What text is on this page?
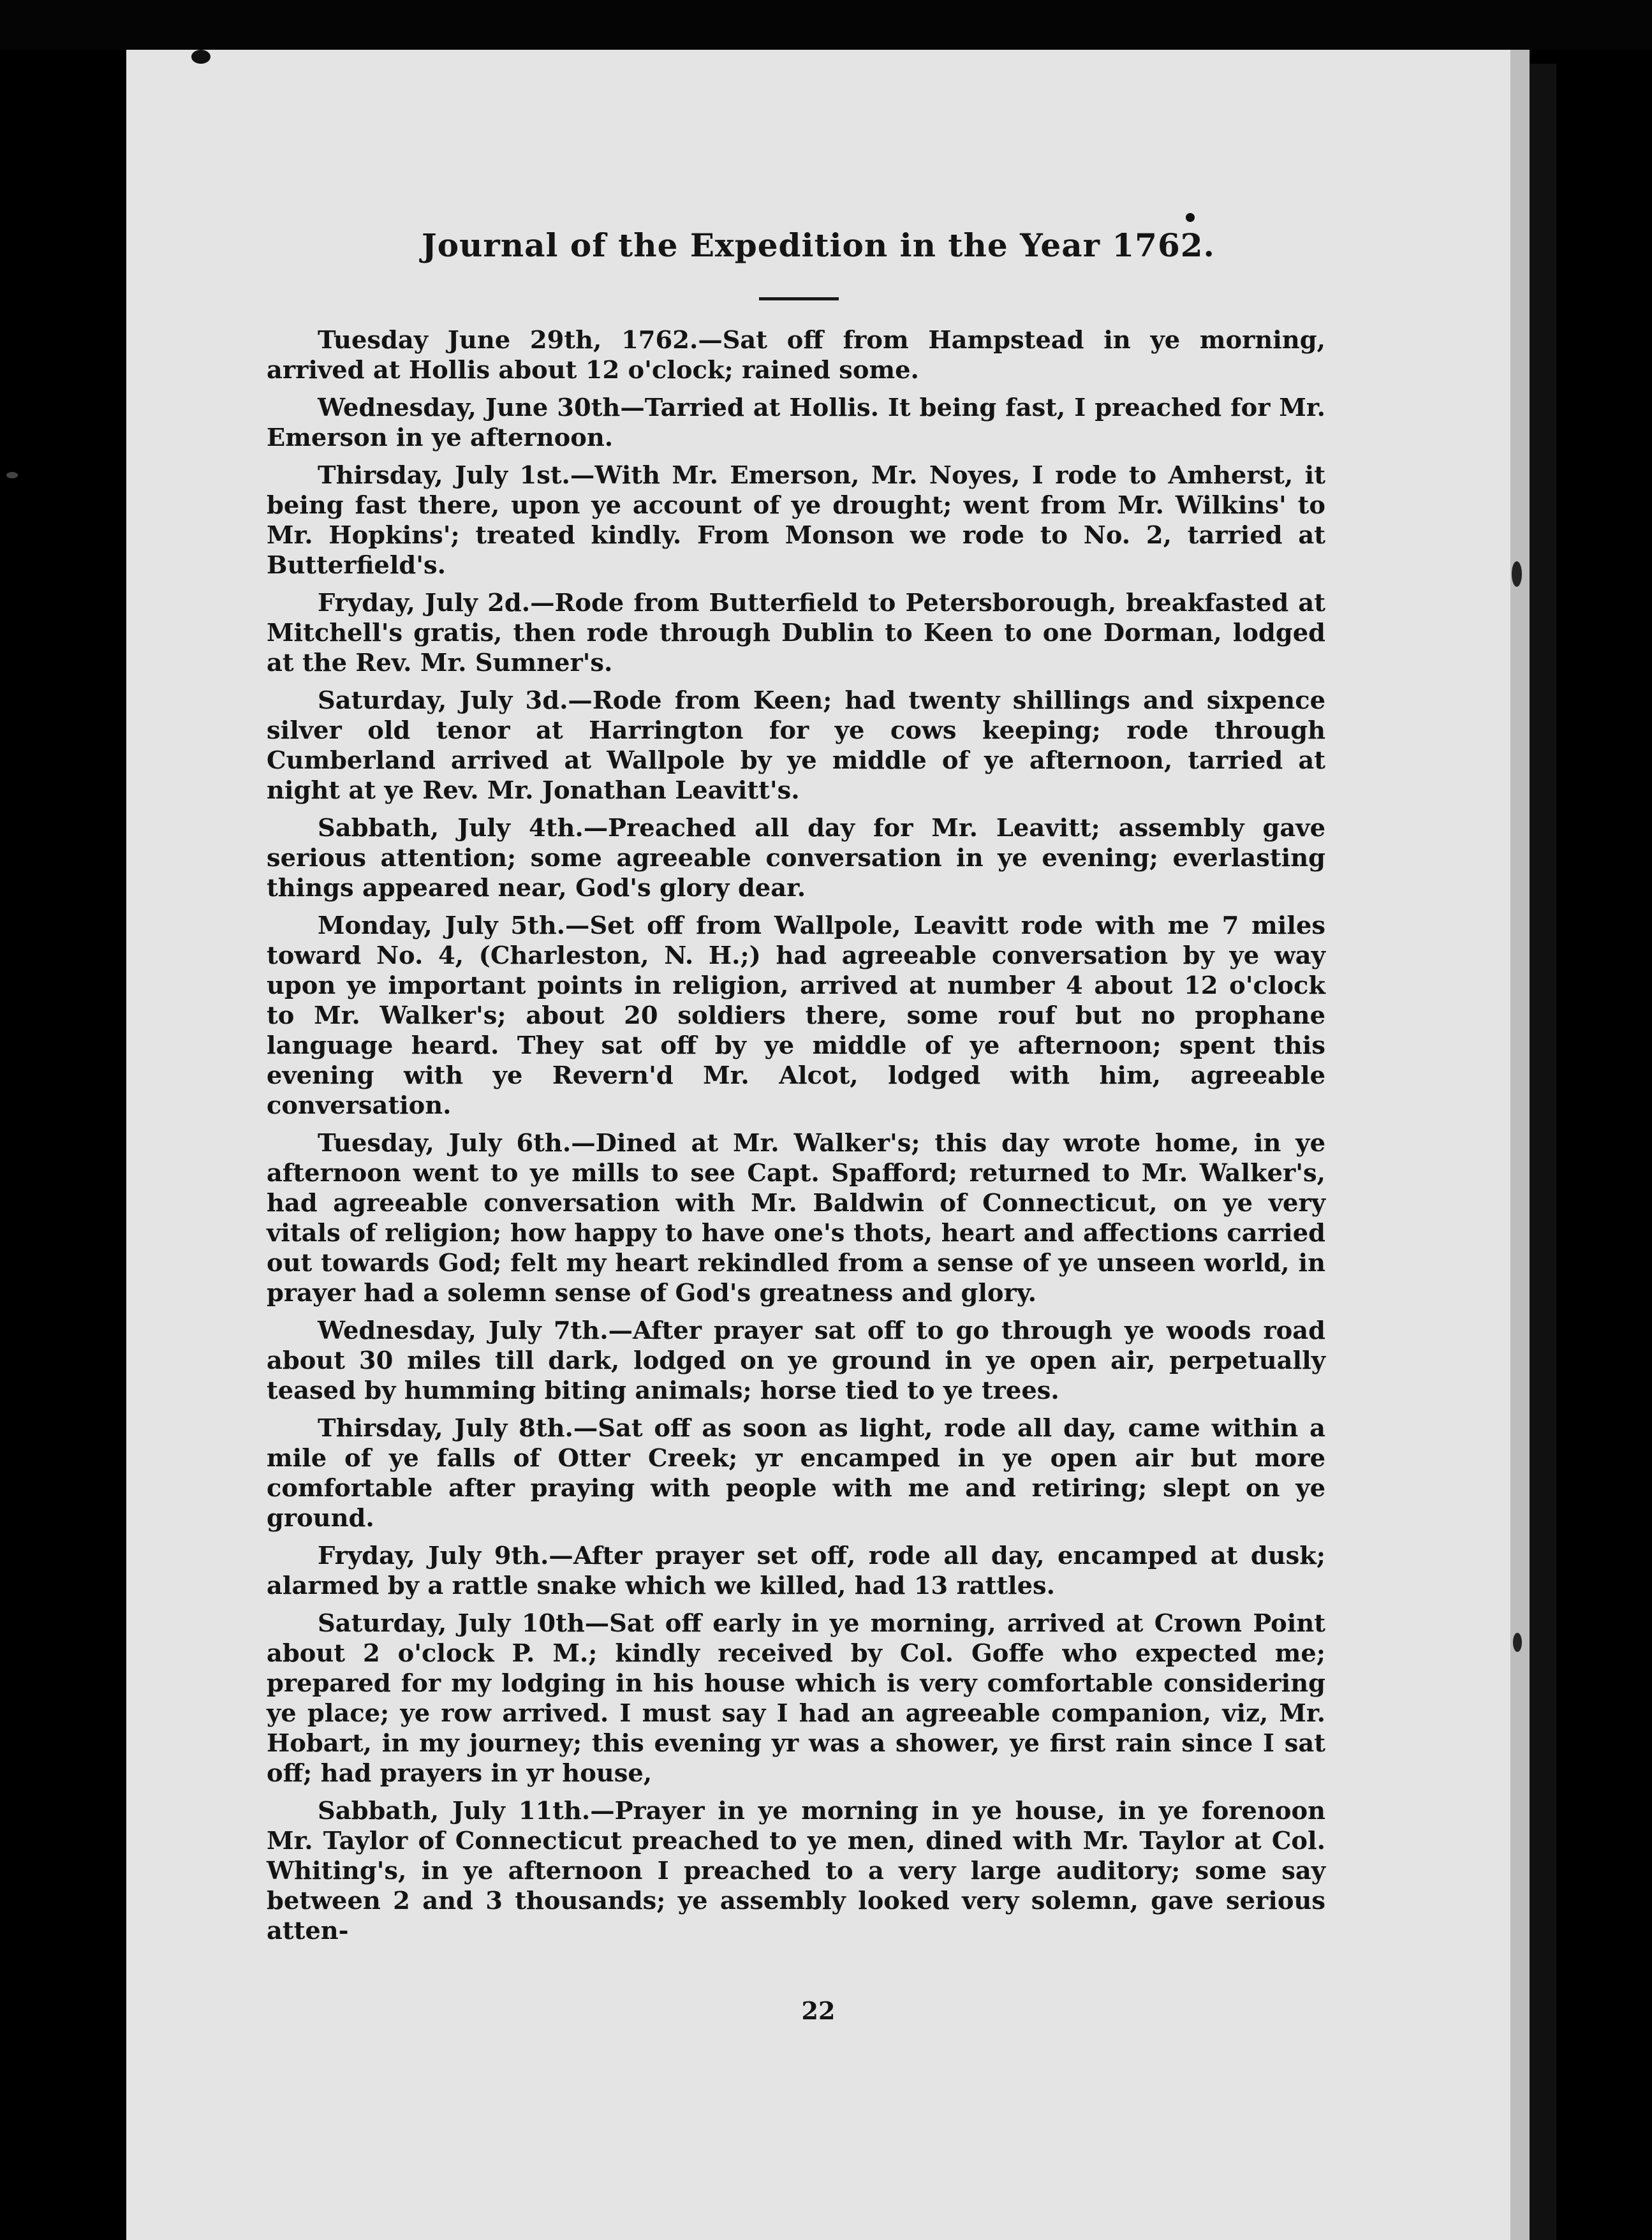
Journal of the Expedition in the Year 1762.

Tuesday June 29th, 1762.—Sat off from Hampstead in ye morning, arrived at Hollis about 12 o'clock; rained some.

Wednesday, June 30th—Tarried at Hollis. It being fast, I preached for Mr. Emerson in ye afternoon.

Thirsday, July 1st.—With Mr. Emerson, Mr. Noyes, I rode to Amherst, it being fast there, upon ye account of ye drought; went from Mr. Wilkins' to Mr. Hopkins'; treated kindly. From Monson we rode to No. 2, tarried at Butterfield's.

Fryday, July 2d.—Rode from Butterfield to Petersborough, breakfasted at Mitchell's gratis, then rode through Dublin to Keen to one Dorman, lodged at the Rev. Mr. Sumner's.

Saturday, July 3d.—Rode from Keen; had twenty shillings and sixpence silver old tenor at Harrington for ye cows keeping; rode through Cumberland arrived at Wallpole by ye middle of ye afternoon, tarried at night at ye Rev. Mr. Jonathan Leavitt's.

Sabbath, July 4th.—Preached all day for Mr. Leavitt; assembly gave serious attention; some agreeable conversation in ye evening; everlasting things appeared near, God's glory dear.

Monday, July 5th.—Set off from Wallpole, Leavitt rode with me 7 miles toward No. 4, (Charleston, N. H.;) had agreeable conversation by ye way upon ye important points in religion, arrived at number 4 about 12 o'clock to Mr. Walker's; about 20 soldiers there, some rouf but no prophane language heard. They sat off by ye middle of ye afternoon; spent this evening with ye Revern'd Mr. Alcot, lodged with him, agreeable conversation.

Tuesday, July 6th.—Dined at Mr. Walker's; this day wrote home, in ye afternoon went to ye mills to see Capt. Spafford; returned to Mr. Walker's, had agreeable conversation with Mr. Baldwin of Connecticut, on ye very vitals of religion; how happy to have one's thots, heart and affections carried out towards God; felt my heart rekindled from a sense of ye unseen world, in prayer had a solemn sense of God's greatness and glory.

Wednesday, July 7th.—After prayer sat off to go through ye woods road about 30 miles till dark, lodged on ye ground in ye open air, perpetually teased by humming biting animals; horse tied to ye trees.

Thirsday, July 8th.—Sat off as soon as light, rode all day, came within a mile of ye falls of Otter Creek; yr encamped in ye open air but more comfortable after praying with people with me and retiring; slept on ye ground.

Fryday, July 9th.—After prayer set off, rode all day, encamped at dusk; alarmed by a rattle snake which we killed, had 13 rattles.

Saturday, July 10th—Sat off early in ye morning, arrived at Crown Point about 2 o'clock P. M.; kindly received by Col. Goffe who expected me; prepared for my lodging in his house which is very comfortable considering ye place; ye row arrived. I must say I had an agreeable companion, viz, Mr. Hobart, in my journey; this evening yr was a shower, ye first rain since I sat off; had prayers in yr house,

Sabbath, July 11th.—Prayer in ye morning in ye house, in ye forenoon Mr. Taylor of Connecticut preached to ye men, dined with Mr. Taylor at Col. Whiting's, in ye afternoon I preached to a very large auditory; some say between 2 and 3 thousands; ye assembly looked very solemn, gave serious atten-

22
